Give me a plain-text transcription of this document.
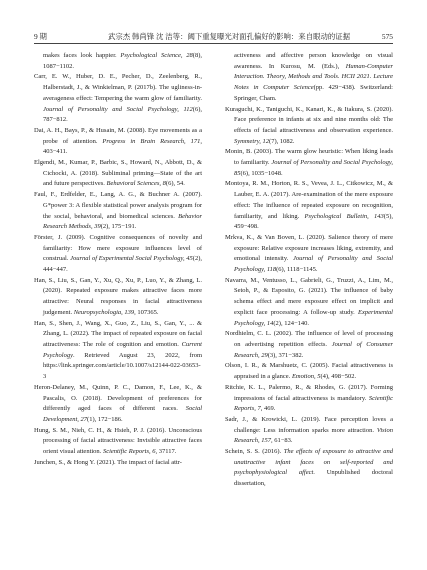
9 期	武宗杰 韩尚锋 沈 洁等：阈下重复曝光对面孔偏好的影响：来自眼动的证据	575
makes faces look happier. Psychological Science, 28(8), 1087−1102.
Carr, E. W., Huber, D. E., Pecher, D., Zeelenberg, R., Halberstadt, J., & Winkielman, P. (2017b). The ugliness-in-averageness effect: Tempering the warm glow of familiarity. Journal of Personality and Social Psychology, 112(6), 787−812.
Dai, A. H., Bays, P., & Husain, M. (2008). Eye movements as a probe of attention. Progress in Brain Research, 171, 403−411.
Elgendi, M., Kumar, P., Barbic, S., Howard, N., Abbott, D., & Cichocki, A. (2018). Subliminal priming—State of the art and future perspectives. Behavioral Sciences, 8(6), 54.
Faul, F., Erdfelder, E., Lang, A. G., & Buchner A. (2007). G*power 3: A flexible statistical power analysis program for the social, behavioral, and biomedical sciences. Behavior Research Methods, 39(2), 175−191.
Förster, J. (2009). Cognitive consequences of novelty and familiarity: How mere exposure influences level of construal. Journal of Experimental Social Psychology, 45(2), 444−447.
Han, S., Liu, S., Gan, Y., Xu, Q., Xu, P., Luo, Y., & Zhang, L. (2020). Repeated exposure makes attractive faces more attractive: Neural responses in facial attractiveness judgement. Neuropsychologia, 139, 107365.
Han, S., Shen, J., Wang, X., Guo, Z., Liu, S., Gan, Y., ... & Zhang, L. (2022). The impact of repeated exposure on facial attractiveness: The role of cognition and emotion. Current Psychology. Retrieved August 23, 2022, from https://link.springer.com/article/10.1007/s12144-022-03653-3
Heron-Delaney, M., Quinn, P. C., Damon, F., Lee, K., & Pascalis, O. (2018). Development of preferences for differently aged faces of different races. Social Development, 27(1), 172−186.
Hung, S. M., Nieh, C. H., & Hsieh, P. J. (2016). Unconscious processing of facial attractiveness: Invisible attractive faces orient visual attention. Scientific Reports, 6, 37117.
Junchen, S., & Hong Y. (2021). The impact of facial attr-
activeness and affective person knowledge on visual awareness. In Kurosu, M. (Eds.), Human-Computer Interaction. Theory, Methods and Tools. HCII 2021. Lecture Notes in Computer Science(pp. 429−438). Switzerland: Springer, Cham.
Kuraguchi, K., Taniguchi, K., Kanari, K., & Itakura, S. (2020). Face preference in infants at six and nine months old: The effects of facial attractiveness and observation experience. Symmetry, 12(7), 1082.
Monin, B. (2003). The warm glow heuristic: When liking leads to familiarity. Journal of Personality and Social Psychology, 85(6), 1035−1048.
Montoya, R. M., Horton, R. S., Vevea, J. L., Citkowicz, M., & Lauber, E. A. (2017). Are-examination of the mere exposure effect: The influence of repeated exposure on recognition, familiarity, and liking. Psychological Bulletin, 143(5), 459−498.
Mrkva, K., & Van Boven, L. (2020). Salience theory of mere exposure: Relative exposure increases liking, extremity, and emotional intensity. Journal of Personality and Social Psychology, 118(6), 1118−1145.
Navarra, M., Ventusso, L., Gabrieli, G., Truzzi, A., Lim, M., Setoh, P., & Esposito, G. (2021). The influence of baby schema effect and mere exposure effect on implicit and explicit face processing: A follow-up study. Experimental Psychology, 14(2), 124−140.
Nordhielm, C. L. (2002). The influence of level of processing on advertising repetition effects. Journal of Consumer Research, 29(3), 371−382.
Olson, I. R., & Marshuetz, C. (2005). Facial attractiveness is appraised in a glance. Emotion, 5(4), 498−502.
Ritchie, K. L., Palermo, R., & Rhodes, G. (2017). Forming impressions of facial attractiveness is mandatory. Scientific Reports, 7, 469.
Sadr, J., & Krowicki, L. (2019). Face perception loves a challenge: Less information sparks more attraction. Vision Research, 157, 61−83.
Schein, S. S. (2016). The effects of exposure to attractive and unattractive infant faces on self-reported and psychophysiological affect. Unpublished doctoral dissertation,
